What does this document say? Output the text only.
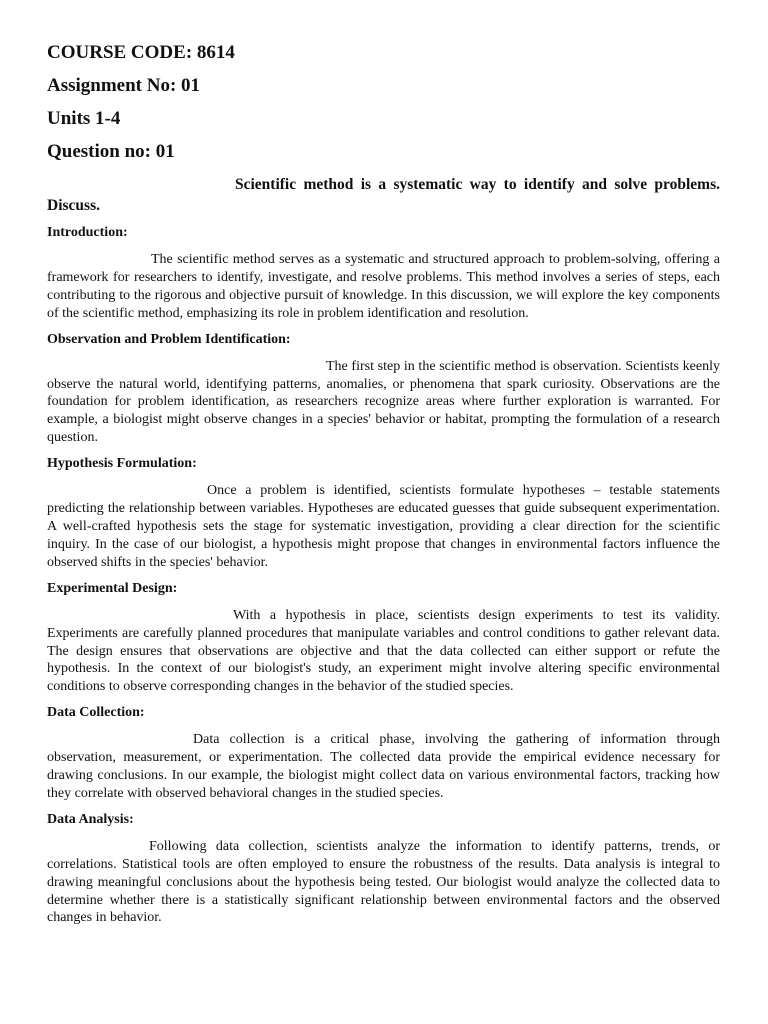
COURSE CODE: 8614
Assignment No: 01
Units 1-4
Question no: 01
Scientific method is a systematic way to identify and solve problems. Discuss.
Introduction:
The scientific method serves as a systematic and structured approach to problem-solving, offering a framework for researchers to identify, investigate, and resolve problems. This method involves a series of steps, each contributing to the rigorous and objective pursuit of knowledge. In this discussion, we will explore the key components of the scientific method, emphasizing its role in problem identification and resolution.
Observation and Problem Identification:
The first step in the scientific method is observation. Scientists keenly observe the natural world, identifying patterns, anomalies, or phenomena that spark curiosity. Observations are the foundation for problem identification, as researchers recognize areas where further exploration is warranted. For example, a biologist might observe changes in a species' behavior or habitat, prompting the formulation of a research question.
Hypothesis Formulation:
Once a problem is identified, scientists formulate hypotheses – testable statements predicting the relationship between variables. Hypotheses are educated guesses that guide subsequent experimentation. A well-crafted hypothesis sets the stage for systematic investigation, providing a clear direction for the scientific inquiry. In the case of our biologist, a hypothesis might propose that changes in environmental factors influence the observed shifts in the species' behavior.
Experimental Design:
With a hypothesis in place, scientists design experiments to test its validity. Experiments are carefully planned procedures that manipulate variables and control conditions to gather relevant data. The design ensures that observations are objective and that the data collected can either support or refute the hypothesis. In the context of our biologist's study, an experiment might involve altering specific environmental conditions to observe corresponding changes in the behavior of the studied species.
Data Collection:
Data collection is a critical phase, involving the gathering of information through observation, measurement, or experimentation. The collected data provide the empirical evidence necessary for drawing conclusions. In our example, the biologist might collect data on various environmental factors, tracking how they correlate with observed behavioral changes in the studied species.
Data Analysis:
Following data collection, scientists analyze the information to identify patterns, trends, or correlations. Statistical tools are often employed to ensure the robustness of the results. Data analysis is integral to drawing meaningful conclusions about the hypothesis being tested. Our biologist would analyze the collected data to determine whether there is a statistically significant relationship between environmental factors and the observed changes in behavior.
